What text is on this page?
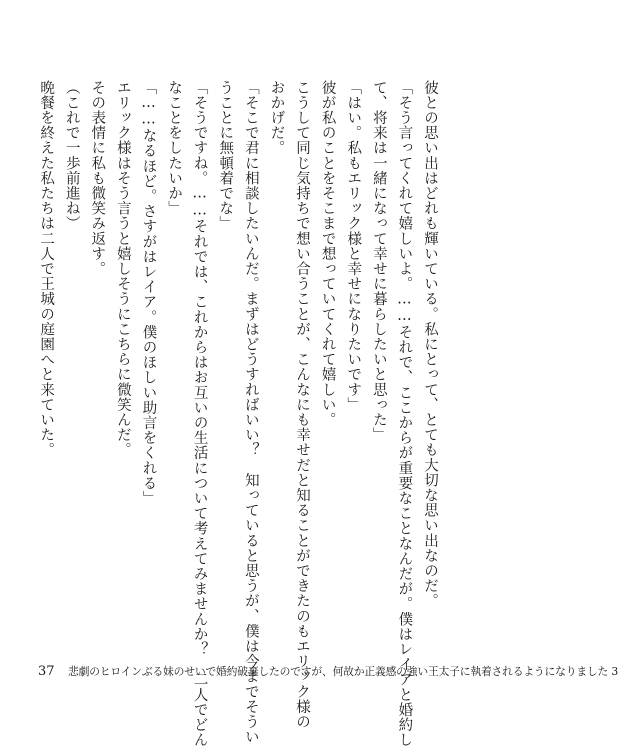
彼との思い出はどれも輝いている。私にとって、とても大切な思い出なのだ。
「そう言ってくれて嬉しいよ。……それで、ここからが重要なことなんだが。僕はレイアと婚約し
て、将来は一緒になって幸せに暮らしたいと思った」
「はい。私もエリック様と幸せになりたいです」
彼が私のことをそこまで想っていてくれて嬉しい。
こうして同じ気持ちで想い合うことが、こんなにも幸せだと知ることができたのもエリック様の
おかげだ。
「そこで君に相談したいんだ。まずはどうすればいい？　知っていると思うが、僕は今までそうい
うことに無頓着でな」
「そうですね。……それでは、これからはお互いの生活について考えてみませんか？　二人でどん
なことをしたいか」
「……なるほど。さすがはレイア。僕のほしい助言をくれる」
エリック様はそう言うと嬉しそうにこちらに微笑んだ。
その表情に私も微笑み返す。
（これで一歩前進ね）
晩餐を終えた私たちは二人で王城の庭園へと来ていた。
37	悲劇のヒロインぶる妹のせいで婚約破棄したのですが、何故か正義感の強い王太子に執着されるようになりました 3
